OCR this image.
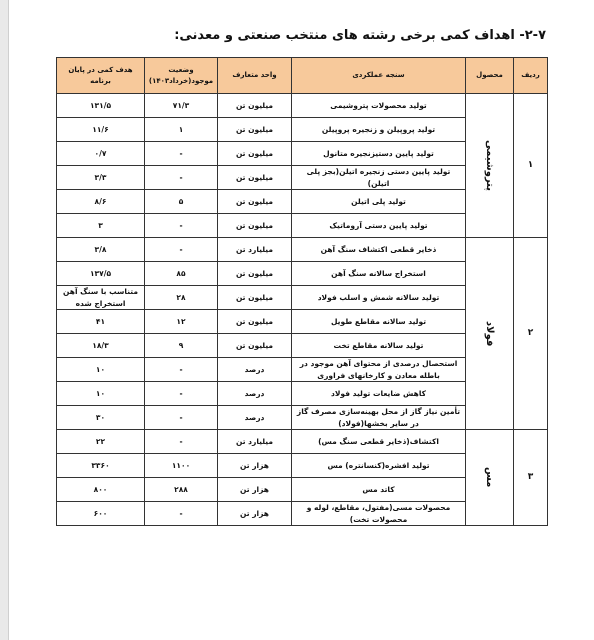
۲-۷- اهداف کمی برخی رشته های منتخب صنعتی و معدنی:
ردیف	محصول	سنجه عملکردی	واحد متعارف	وضعیت موجود(خرداد۱۴۰۳)	هدف کمی در پایان برنامه
۱	پتروشیمی	تولید محصولات پتروشیمی	میلیون تن	۷۱/۳	۱۳۱/۵
		تولید پروپیلن و زنجیره پروپیلن	میلیون تن	۱	۱۱/۶
		تولید پایین دستیزنجیره متانول	میلیون تن	-	۰/۷
		تولید پایین دستی زنجیره اتیلن(بجز پلی اتیلن)	میلیون تن	-	۳/۳
		تولید پلی اتیلن	میلیون تن	۵	۸/۶
		تولید پایین دستی آروماتیک	میلیون تن	-	۳
۲	فولاد	ذخایر قطعی اکتشاف سنگ آهن	میلیارد تن	-	۳/۸
		استخراج سالانه سنگ آهن	میلیون تن	۸۵	۱۳۷/۵
		تولید سالانه شمش و اسلب فولاد	میلیون تن	۲۸	متناسب با سنگ آهن استخراج شده
		تولید سالانه مقاطع طویل	میلیون تن	۱۲	۴۱
		تولید سالانه مقاطع تخت	میلیون تن	۹	۱۸/۳
		استحصال درصدی از محتوای آهن موجود در باطله معادن و کارخانهای فراوری	درصد	-	۱۰
		کاهش ضایعات تولید فولاد	درصد	-	۱۰
		تأمین نیاز گاز از محل بهینه‌سازی مصرف گاز در سایر بخشها(فولاد)	درصد	-	۳۰
۳	مس	اکتشاف(ذخایر قطعی سنگ مس)	میلیارد تن	-	۲۲
		تولید افشره(کنسانتره) مس	هزار تن	۱۱۰۰	۳۳۶۰
		کاتد مس	هزار تن	۲۸۸	۸۰۰
		محصولات مسی(مفتول، مقاطع، لوله و محصولات تخت)	هزار تن	-	۶۰۰
